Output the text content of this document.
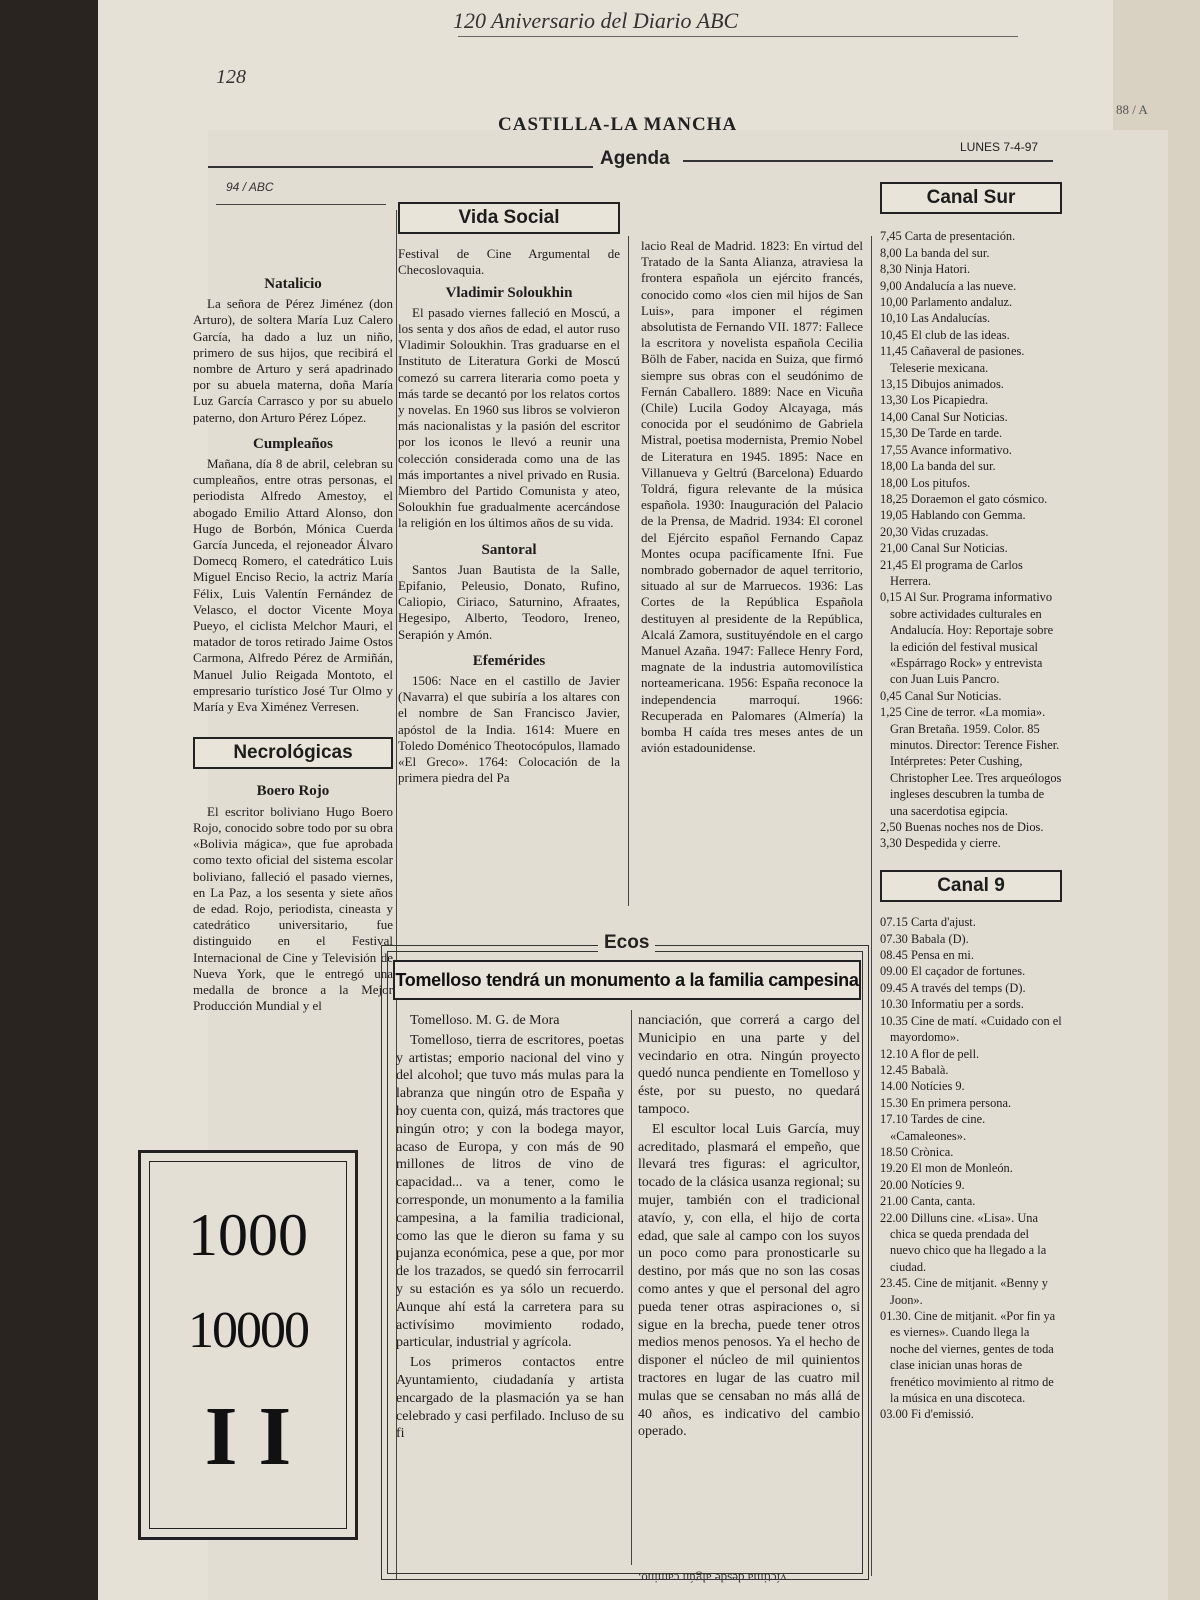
88 / A

120 Aniversario del Diario ABC
128
CASTILLA-LA MANCHA
LUNES 7-4-97
Agenda
94 / ABC
Natalicio

La señora de Pérez Jiménez (don Arturo), de soltera María Luz Calero García, ha dado a luz un niño, primero de sus hijos, que recibirá el nombre de Arturo y será apadrinado por su abuela materna, doña María Luz García Carrasco y por su abuelo paterno, don Arturo Pérez López.

Cumpleaños

Mañana, día 8 de abril, celebran su cumpleaños, entre otras personas, el periodista Alfredo Amestoy, el abogado Emilio Attard Alonso, don Hugo de Borbón, Mónica Cuerda García Junceda, el rejoneador Álvaro Domecq Romero, el catedrático Luis Miguel Enciso Recio, la actriz María Félix, Luis Valentín Fernández de Velasco, el doctor Vicente Moya Pueyo, el ciclista Melchor Mauri, el matador de toros retirado Jaime Ostos Carmona, Alfredo Pérez de Armiñán, Manuel Julio Reigada Montoto, el empresario turístico José Tur Olmo y María y Eva Ximénez Verresen.

Necrológicas
Boero Rojo

El escritor boliviano Hugo Boero Rojo, conocido sobre todo por su obra «Bolivia mágica», que fue aprobada como texto oficial del sistema escolar boliviano, falleció el pasado viernes, en La Paz, a los sesenta y siete años de edad. Rojo, periodista, cineasta y catedrático universitario, fue distinguido en el Festival Internacional de Cine y Televisión de Nueva York, que le entregó una medalla de bronce a la Mejor Producción Mundial y el

Vida Social

Festival de Cine Argumental de Checoslovaquia.

Vladimir Soloukhin

El pasado viernes falleció en Moscú, a los senta y dos años de edad, el autor ruso Vladimir Soloukhin. Tras graduarse en el Instituto de Literatura Gorki de Moscú comezó su carrera literaria como poeta y más tarde se decantó por los relatos cortos y novelas. En 1960 sus libros se volvieron más nacionalistas y la pasión del escritor por los iconos le llevó a reunir una colección considerada como una de las más importantes a nivel privado en Rusia. Miembro del Partido Comunista y ateo, Soloukhin fue gradualmente acercándose la religión en los últimos años de su vida.

Santoral

Santos Juan Bautista de la Salle, Epifanio, Peleusio, Donato, Rufino, Caliopio, Ciriaco, Saturnino, Afraates, Hegesipo, Alberto, Teodoro, Ireneo, Serapión y Amón.

Efemérides

1506: Nace en el castillo de Javier (Navarra) el que subiría a los altares con el nombre de San Francisco Javier, apóstol de la India. 1614: Muere en Toledo Doménico Theotocópulos, llamado «El Greco». 1764: Colocación de la primera piedra del Pa

lacio Real de Madrid. 1823: En virtud del Tratado de la Santa Alianza, atraviesa la frontera española un ejército francés, conocido como «los cien mil hijos de San Luis», para imponer el régimen absolutista de Fernando VII. 1877: Fallece la escritora y novelista española Cecilia Bölh de Faber, nacida en Suiza, que firmó siempre sus obras con el seudónimo de Fernán Caballero. 1889: Nace en Vicuña (Chile) Lucila Godoy Alcayaga, más conocida por el seudónimo de Gabriela Mistral, poetisa modernista, Premio Nobel de Literatura en 1945. 1895: Nace en Villanueva y Geltrú (Barcelona) Eduardo Toldrá, figura relevante de la música española. 1930: Inauguración del Palacio de la Prensa, de Madrid. 1934: El coronel del Ejército español Fernando Capaz Montes ocupa pacíficamente Ifni. Fue nombrado gobernador de aquel territorio, situado al sur de Marruecos. 1936: Las Cortes de la República Española destituyen al presidente de la República, Alcalá Zamora, sustituyéndole en el cargo Manuel Azaña. 1947: Fallece Henry Ford, magnate de la industria automovilística norteamericana. 1956: España reconoce la independencia marroquí. 1966: Recuperada en Palomares (Almería) la bomba H caída tres meses antes de un avión estadounidense.

Canal Sur
7,45 Carta de presentación.
8,00 La banda del sur.
8,30 Ninja Hatori.
9,00 Andalucía a las nueve.
10,00 Parlamento andaluz.
10,10 Las Andalucías.
10,45 El club de las ideas.
11,45 Cañaveral de pasiones. Teleserie mexicana.
13,15 Dibujos animados.
13,30 Los Picapiedra.
14,00 Canal Sur Noticias.
15,30 De Tarde en tarde.
17,55 Avance informativo.
18,00 La banda del sur.
18,00 Los pitufos.
18,25 Doraemon el gato cósmico.
19,05 Hablando con Gemma.
20,30 Vidas cruzadas.
21,00 Canal Sur Noticias.
21,45 El programa de Carlos Herrera.
0,15 Al Sur. Programa informativo sobre actividades culturales en Andalucía. Hoy: Reportaje sobre la edición del festival musical «Espárrago Rock» y entrevista con Juan Luis Pancro.
0,45 Canal Sur Noticias.
1,25 Cine de terror. «La momia». Gran Bretaña. 1959. Color. 85 minutos. Director: Terence Fisher. Intérpretes: Peter Cushing, Christopher Lee. Tres arqueólogos ingleses descubren la tumba de una sacerdotisa egipcia.
2,50 Buenas noches nos de Dios.
3,30 Despedida y cierre.
Canal 9
07.15 Carta d'ajust.
07.30 Babala (D).
08.45 Pensa en mi.
09.00 El caçador de fortunes.
09.45 A través del temps (D).
10.30 Informatiu per a sords.
10.35 Cine de matí. «Cuidado con el mayordomo».
12.10 A flor de pell.
12.45 Babalà.
14.00 Notícies 9.
15.30 En primera persona.
17.10 Tardes de cine. «Camaleones».
18.50 Crònica.
19.20 El mon de Monleón.
20.00 Notícies 9.
21.00 Canta, canta.
22.00 Dilluns cine. «Lisa». Una chica se queda prendada del nuevo chico que ha llegado a la ciudad.
23.45. Cine de mitjanit. «Benny y Joon».
01.30. Cine de mitjanit. «Por fin ya es viernes». Cuando llega la noche del viernes, gentes de toda clase inician unas horas de frenético movimiento al ritmo de la música en una discoteca.
03.00 Fi d'emissió.
Ecos
Tomelloso tendrá un monumento a la familia campesina

Tomelloso. M. G. de Mora

Tomelloso, tierra de escritores, poetas y artistas; emporio nacional del vino y del alcohol; que tuvo más mulas para la labranza que ningún otro de España y hoy cuenta con, quizá, más tractores que ningún otro; y con la bodega mayor, acaso de Europa, y con más de 90 millones de litros de vino de capacidad... va a tener, como le corresponde, un monumento a la familia campesina, a la familia tradicional, como las que le dieron su fama y su pujanza económica, pese a que, por mor de los trazados, se quedó sin ferrocarril y su estación es ya sólo un recuerdo. Aunque ahí está la carretera para su activísimo movimiento rodado, particular, industrial y agrícola.

Los primeros contactos entre Ayuntamiento, ciudadanía y artista encargado de la plasmación ya se han celebrado y casi perfilado. Incluso de su fi

nanciación, que correrá a cargo del Municipio en una parte y del vecindario en otra. Ningún proyecto quedó nunca pendiente en Tomelloso y éste, por su puesto, no quedará tampoco.

El escultor local Luis García, muy acreditado, plasmará el empeño, que llevará tres figuras: el agricultor, tocado de la clásica usanza regional; su mujer, también con el tradicional atavío, y, con ella, el hijo de corta edad, que sale al campo con los suyos un poco como para pronosticarle su destino, por más que no son las cosas como antes y que el personal del agro pueda tener otras aspiraciones o, si sigue en la brecha, puede tener otros medios menos penosos. Ya el hecho de disponer el núcleo de mil quinientos tractores en lugar de las cuatro mil mulas que se censaban no más allá de 40 años, es indicativo del cambio operado.

1000
10000
I I
víctima desde algún camino.
